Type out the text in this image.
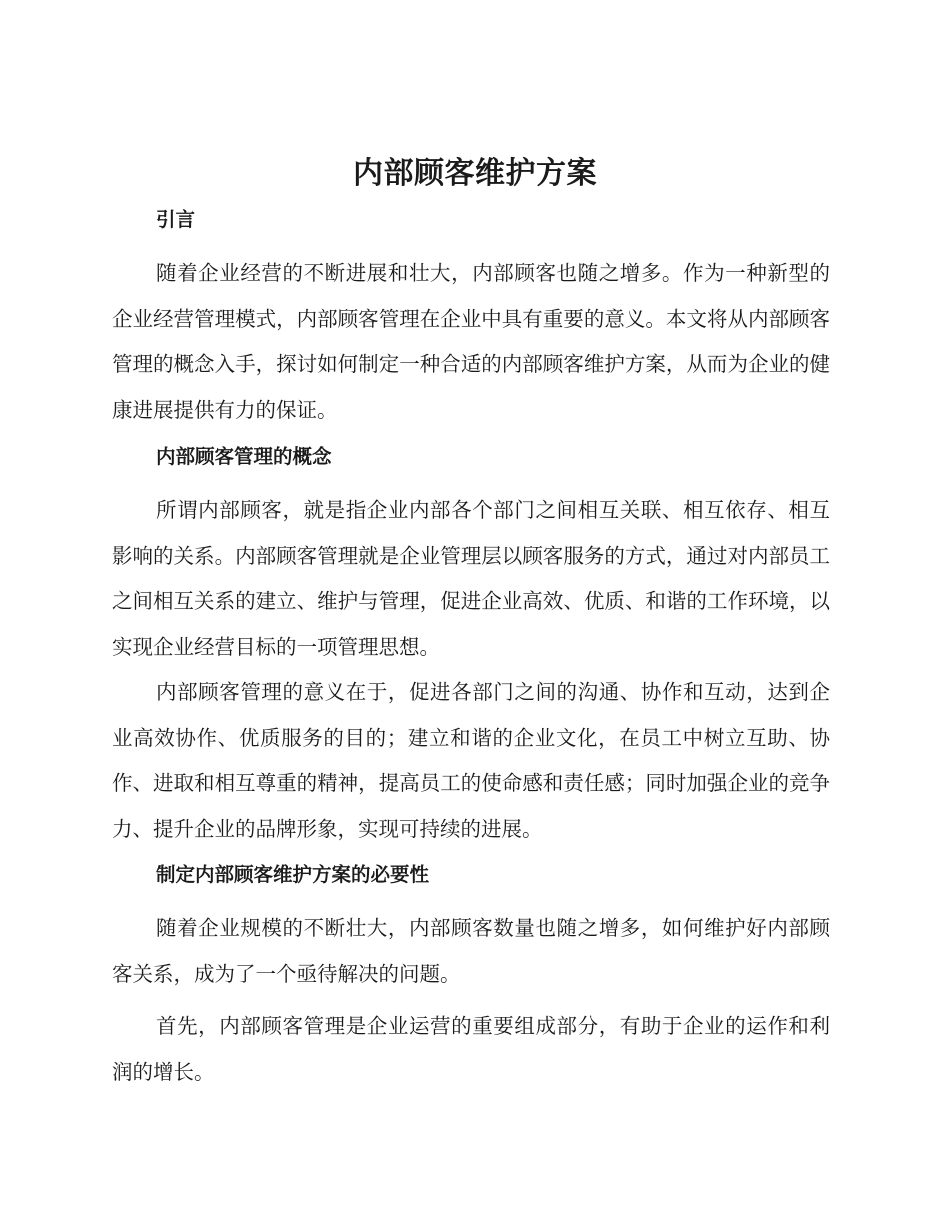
内部顾客维护方案
引言

随着企业经营的不断进展和壮大，内部顾客也随之增多。作为一种新型的企业经营管理模式，内部顾客管理在企业中具有重要的意义。本文将从内部顾客管理的概念入手，探讨如何制定一种合适的内部顾客维护方案，从而为企业的健康进展提供有力的保证。

内部顾客管理的概念

所谓内部顾客，就是指企业内部各个部门之间相互关联、相互依存、相互影响的关系。内部顾客管理就是企业管理层以顾客服务的方式，通过对内部员工之间相互关系的建立、维护与管理，促进企业高效、优质、和谐的工作环境，以实现企业经营目标的一项管理思想。

内部顾客管理的意义在于，促进各部门之间的沟通、协作和互动，达到企业高效协作、优质服务的目的；建立和谐的企业文化，在员工中树立互助、协作、进取和相互尊重的精神，提高员工的使命感和责任感；同时加强企业的竞争力、提升企业的品牌形象，实现可持续的进展。

制定内部顾客维护方案的必要性

随着企业规模的不断壮大，内部顾客数量也随之增多，如何维护好内部顾客关系，成为了一个亟待解决的问题。

首先，内部顾客管理是企业运营的重要组成部分，有助于企业的运作和利润的增长。
